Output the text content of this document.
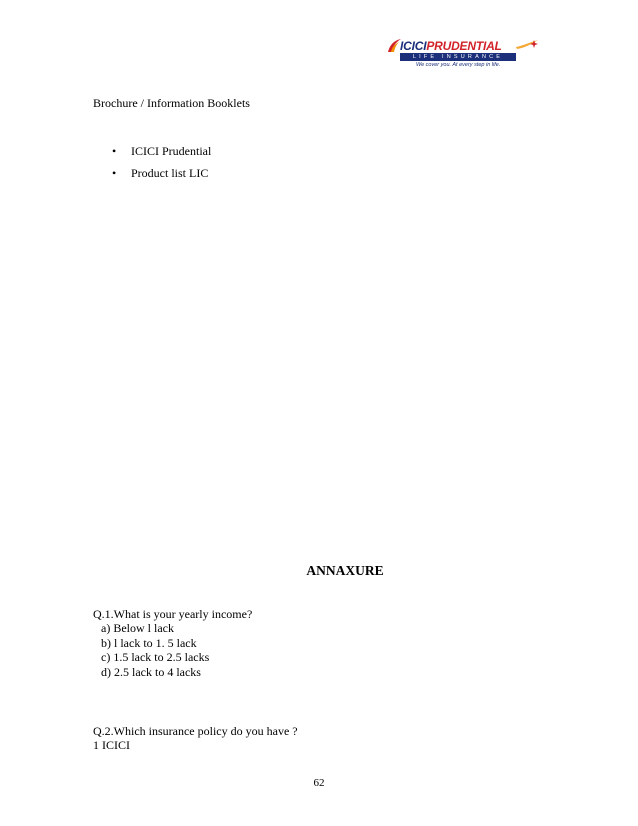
ICICIPRUDENTIAL
LIFE INSURANCE
We cover you. At every step in life.
Brochure / Information Booklets
• ICICI Prudential
• Product list LIC
ANNAXURE
Q.1.What is your yearly income?
a) Below l lack
b) l lack to 1. 5 lack
c) 1.5 lack to 2.5 lacks
d) 2.5 lack to 4 lacks
Q.2.Which insurance policy do you have ?
1 ICICI
62
